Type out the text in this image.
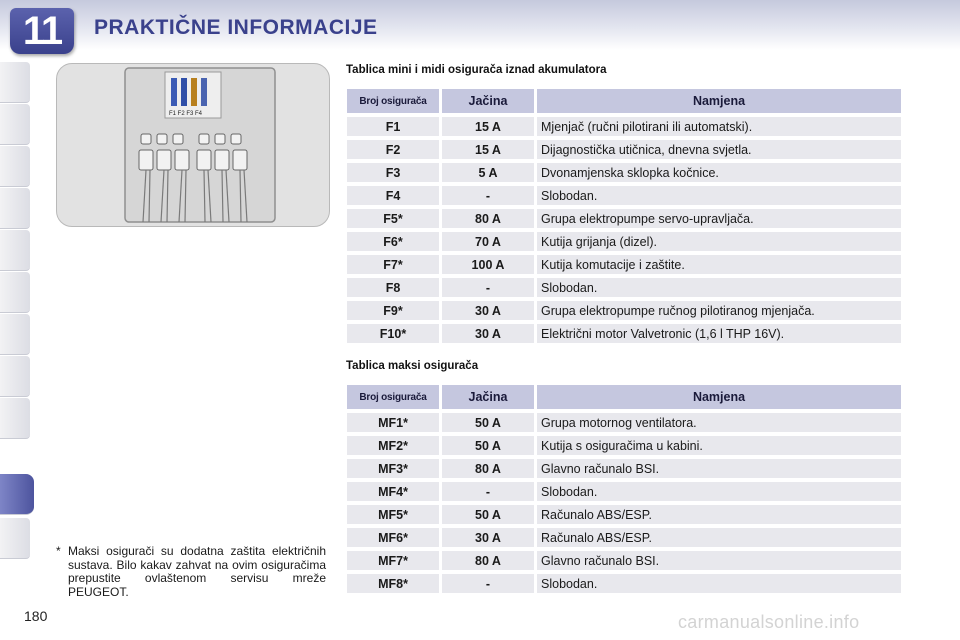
11	PRAKTIČNE INFORMACIJE
F1 F2 F3 F4
Tablica mini i midi osigurača iznad akumulatora
Broj osigurača	Jačina	Namjena
F1	15 A	Mjenjač (ručni pilotirani ili automatski).
F2	15 A	Dijagnostička utičnica, dnevna svjetla.
F3	5 A	Dvonamjenska sklopka kočnice.
F4	-	Slobodan.
F5*	80 A	Grupa elektropumpe servo-upravljača.
F6*	70 A	Kutija grijanja (dizel).
F7*	100 A	Kutija komutacije i zaštite.
F8	-	Slobodan.
F9*	30 A	Grupa elektropumpe ručnog pilotiranog mjenjača.
F10*	30 A	Električni motor Valvetronic (1,6 l THP 16V).
Tablica maksi osigurača
Broj osigurača	Jačina	Namjena
MF1*	50 A	Grupa motornog ventilatora.
MF2*	50 A	Kutija s osiguračima u kabini.
MF3*	80 A	Glavno računalo BSI.
MF4*	-	Slobodan.
MF5*	50 A	Računalo ABS/ESP.
MF6*	30 A	Računalo ABS/ESP.
MF7*	80 A	Glavno računalo BSI.
MF8*	-	Slobodan.
* Maksi osigurači su dodatna zaštita električnih sustava. Bilo kakav zahvat na ovim osiguračima prepustite ovlaštenom servisu mreže PEUGEOT.
180	carmanualsonline.info
